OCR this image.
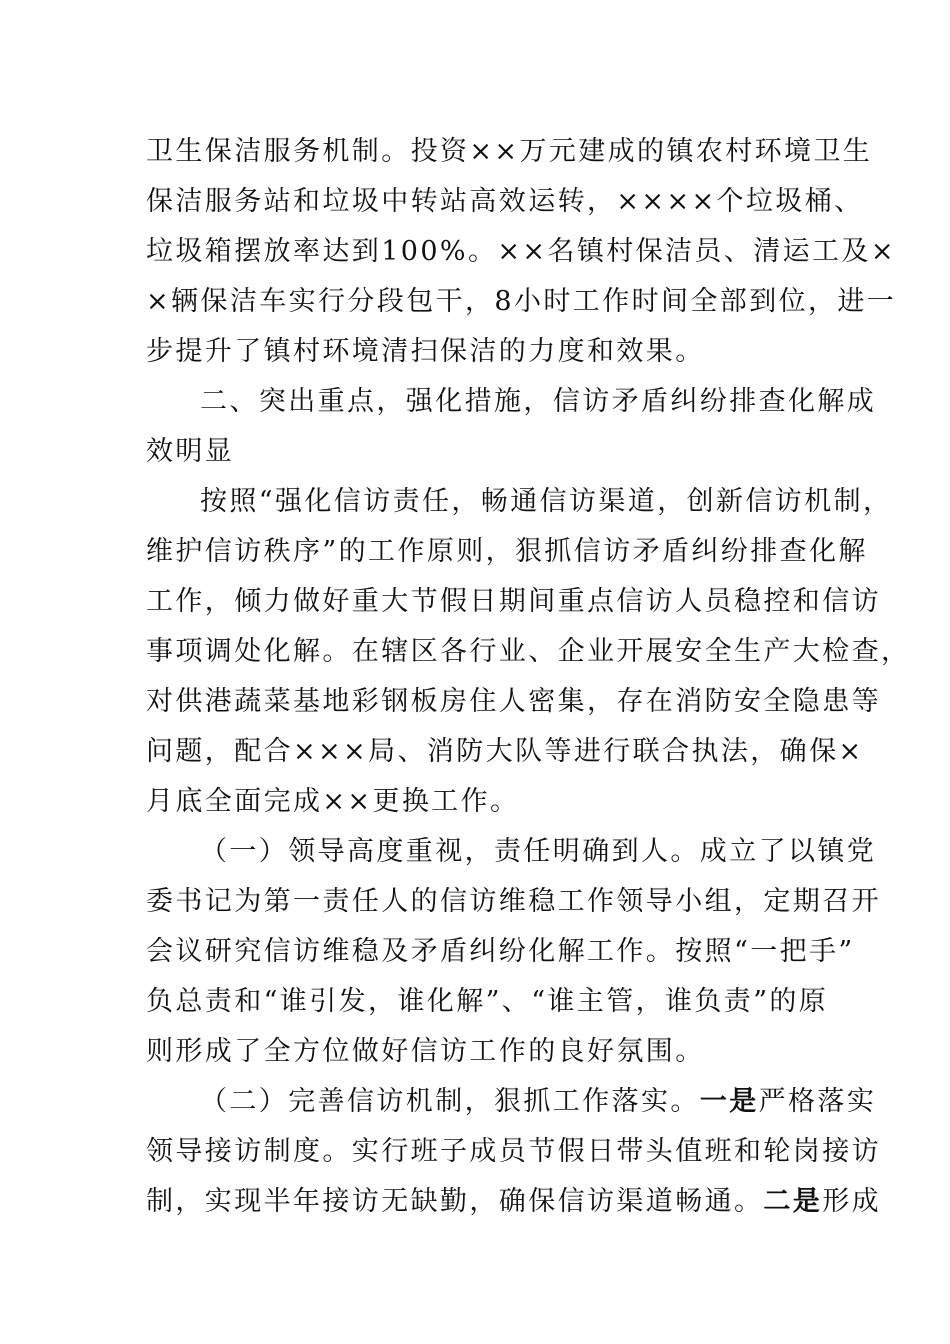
卫生保洁服务机制。投资××万元建成的镇农村环境卫生
保洁服务站和垃圾中转站高效运转，××××个垃圾桶、
垃圾箱摆放率达到100%。××名镇村保洁员、清运工及×
×辆保洁车实行分段包干，8小时工作时间全部到位，进一
步提升了镇村环境清扫保洁的力度和效果。
二、突出重点，强化措施，信访矛盾纠纷排查化解成
效明显
按照“强化信访责任，畅通信访渠道，创新信访机制，
维护信访秩序”的工作原则，狠抓信访矛盾纠纷排查化解
工作，倾力做好重大节假日期间重点信访人员稳控和信访
事项调处化解。在辖区各行业、企业开展安全生产大检查，
对供港蔬菜基地彩钢板房住人密集，存在消防安全隐患等
问题，配合×××局、消防大队等进行联合执法，确保×
月底全面完成××更换工作。
（一）领导高度重视，责任明确到人。成立了以镇党
委书记为第一责任人的信访维稳工作领导小组，定期召开
会议研究信访维稳及矛盾纠纷化解工作。按照“一把手”
负总责和“谁引发，谁化解”、“谁主管，谁负责”的原
则形成了全方位做好信访工作的良好氛围。
（二）完善信访机制，狠抓工作落实。一是严格落实
领导接访制度。实行班子成员节假日带头值班和轮岗接访
制，实现半年接访无缺勤，确保信访渠道畅通。二是形成
